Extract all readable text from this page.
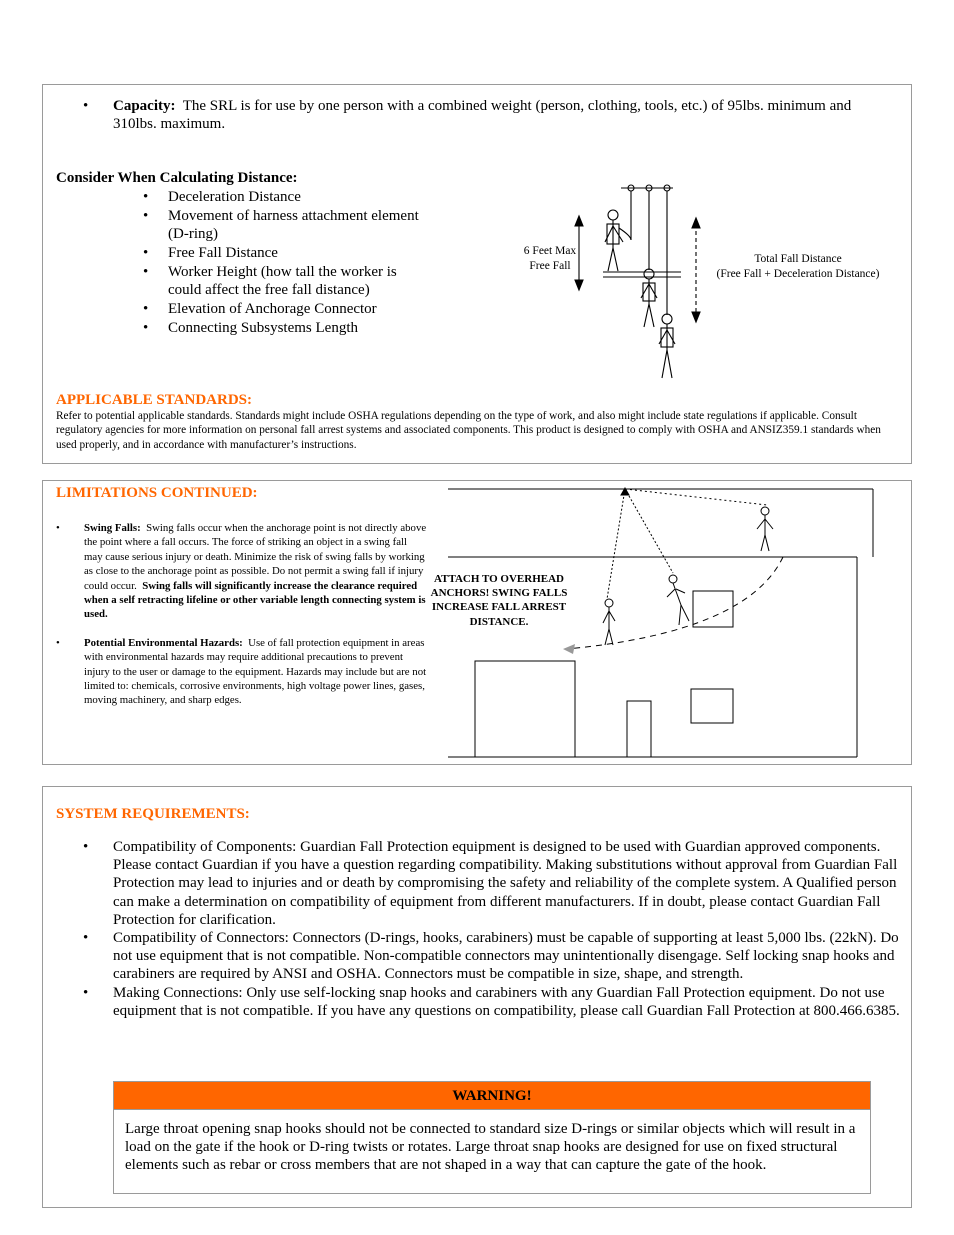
•	Capacity: The SRL is for use by one person with a combined weight (person, clothing, tools, etc.) of 95lbs. minimum and 310lbs. maximum.
Consider When Calculating Distance:
• Deceleration Distance
• Movement of harness attachment element (D-ring)
• Free Fall Distance
• Worker Height (how tall the worker is could affect the free fall distance)
• Elevation of Anchorage Connector
• Connecting Subsystems Length
6 Feet Max
Free Fall
Total Fall Distance
(Free Fall + Deceleration Distance)
APPLICABLE STANDARDS:
Refer to potential applicable standards. Standards might include OSHA regulations depending on the type of work, and also might include state regulations if applicable. Consult regulatory agencies for more information on personal fall arrest systems and associated components. This product is designed to comply with OSHA and ANSIZ359.1 standards when used properly, and in accordance with manufacturer’s instructions.
LIMITATIONS CONTINUED:
• Swing Falls: Swing falls occur when the anchorage point is not directly above the point where a fall occurs. The force of striking an object in a swing fall may cause serious injury or death. Minimize the risk of swing falls by working as close to the anchorage point as possible. Do not permit a swing fall if injury could occur. Swing falls will significantly increase the clearance required when a self retracting lifeline or other variable length connecting system is used.
• Potential Environmental Hazards: Use of fall protection equipment in areas with environmental hazards may require additional precautions to prevent injury to the user or damage to the equipment. Hazards may include but are not limited to: chemicals, corrosive environments, high voltage power lines, gases, moving machinery, and sharp edges.
ATTACH TO OVERHEAD ANCHORS! SWING FALLS INCREASE FALL ARREST DISTANCE.
SYSTEM REQUIREMENTS:
• Compatibility of Components: Guardian Fall Protection equipment is designed to be used with Guardian approved components. Please contact Guardian if you have a question regarding compatibility. Making substitutions without approval from Guardian Fall Protection may lead to injuries and or death by compromising the safety and reliability of the complete system. A Qualified person can make a determination on compatibility of equipment from different manufacturers. If in doubt, please contact Guardian Fall Protection for clarification.
• Compatibility of Connectors: Connectors (D-rings, hooks, carabiners) must be capable of supporting at least 5,000 lbs. (22kN). Do not use equipment that is not compatible. Non-compatible connectors may unintentionally disengage. Self locking snap hooks and carabiners are required by ANSI and OSHA. Connectors must be compatible in size, shape, and strength.
• Making Connections: Only use self-locking snap hooks and carabiners with any Guardian Fall Protection equipment. Do not use equipment that is not compatible. If you have any questions on compatibility, please call Guardian Fall Protection at 800.466.6385.
WARNING!
Large throat opening snap hooks should not be connected to standard size D-rings or similar objects which will result in a load on the gate if the hook or D-ring twists or rotates. Large throat snap hooks are designed for use on fixed structural elements such as rebar or cross members that are not shaped in a way that can capture the gate of the hook.
